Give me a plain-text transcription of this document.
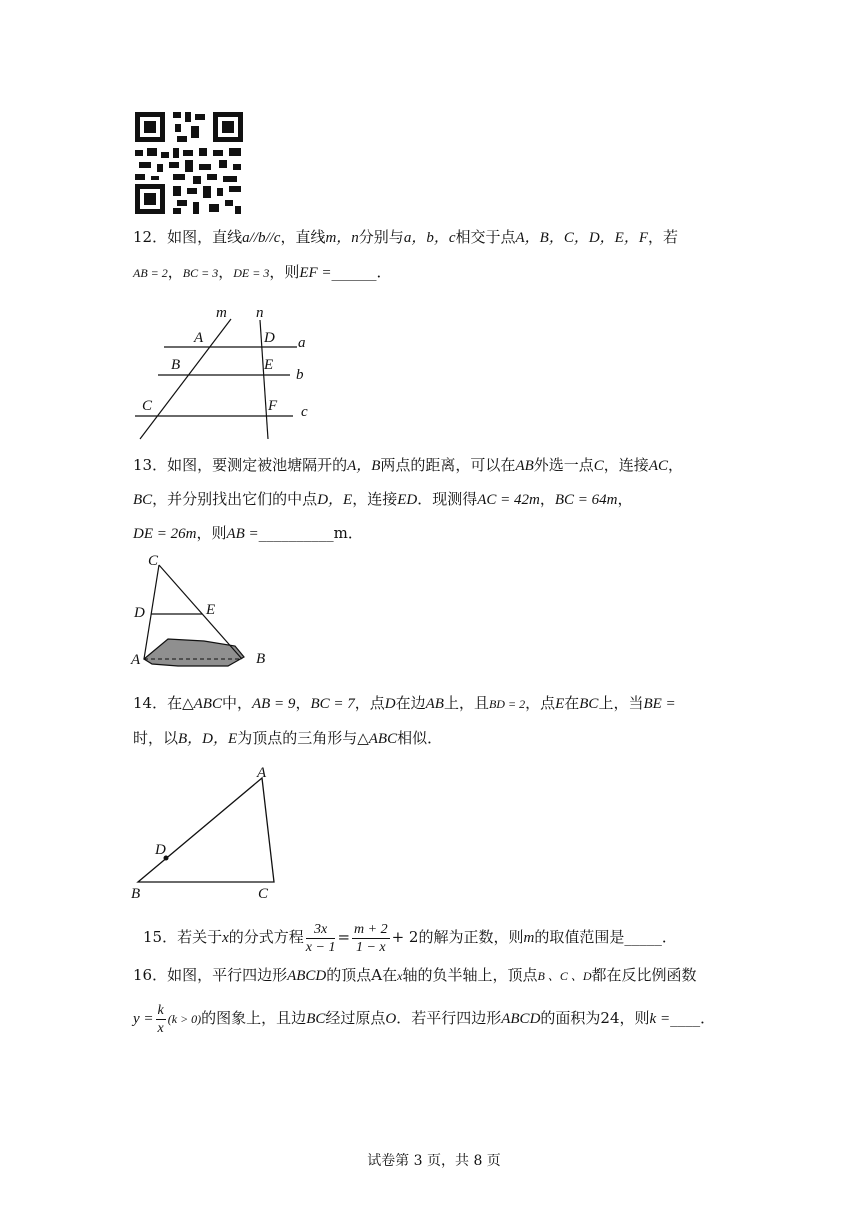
12．如图，直线a//b//c，直线m，n分别与a，b，c相交于点A，B，C，D，E，F，若
AB = 2，BC = 3，DE = 3，则EF =______．
m n
A	D a
B	E
b
C	F c
13．如图，要测定被池塘隔开的A，B两点的距离，可以在AB外选一点C，连接AC，
BC，并分别找出它们的中点D，E，连接ED．现测得AC = 42m，BC = 64m，
DE = 26m，则AB =__________m．
C
D	E
A	B
14．在△ABC中，AB = 9，BC = 7，点D在边AB上，且BD = 2，点E在BC上，当BE =
时，以B，D，E为顶点的三角形与△ABC相似．
A
D
B	C
15．若关于x的分式方程 $\frac{3x}{x - 1} = \frac{m + 2}{1 - x} + 2$的解为正数，则m的取值范围是_____．
16．如图，平行四边形ABCD的顶点A在x轴的负半轴上，顶点B 、C 、D都在反比例函数
$y = \frac{k}{x} (k > 0)$的图象上，且边BC经过原点O．若平行四边形ABCD的面积为24，则k =____．
试卷第 3 页，共 8 页
